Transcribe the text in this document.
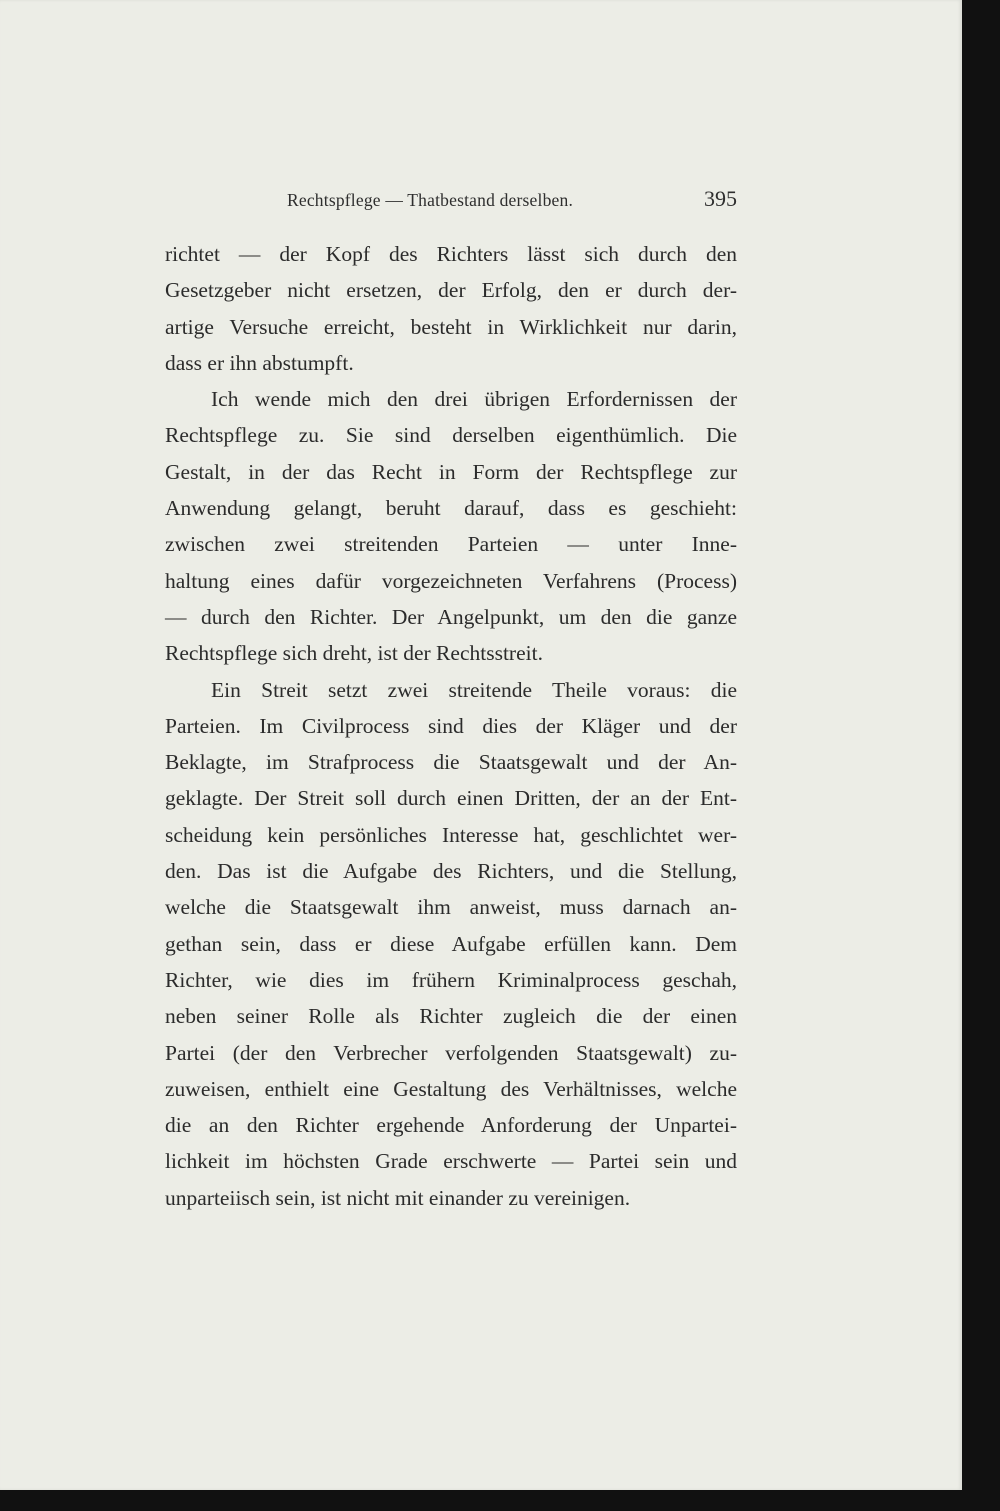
Rechtspflege — Thatbestand derselben.	395
richtet — der Kopf des Richters lässt sich durch den
Gesetzgeber nicht ersetzen, der Erfolg, den er durch der-
artige Versuche erreicht, besteht in Wirklichkeit nur darin,
dass er ihn abstumpft.
Ich wende mich den drei übrigen Erfordernissen der
Rechtspflege zu. Sie sind derselben eigenthümlich. Die
Gestalt, in der das Recht in Form der Rechtspflege zur
Anwendung gelangt, beruht darauf, dass es geschieht:
zwischen zwei streitenden Parteien — unter Inne-
haltung eines dafür vorgezeichneten Verfahrens (Process)
— durch den Richter. Der Angelpunkt, um den die ganze
Rechtspflege sich dreht, ist der Rechtsstreit.
Ein Streit setzt zwei streitende Theile voraus: die
Parteien. Im Civilprocess sind dies der Kläger und der
Beklagte, im Strafprocess die Staatsgewalt und der An-
geklagte. Der Streit soll durch einen Dritten, der an der Ent-
scheidung kein persönliches Interesse hat, geschlichtet wer-
den. Das ist die Aufgabe des Richters, und die Stellung,
welche die Staatsgewalt ihm anweist, muss darnach an-
gethan sein, dass er diese Aufgabe erfüllen kann. Dem
Richter, wie dies im frühern Kriminalprocess geschah,
neben seiner Rolle als Richter zugleich die der einen
Partei (der den Verbrecher verfolgenden Staatsgewalt) zu-
zuweisen, enthielt eine Gestaltung des Verhältnisses, welche
die an den Richter ergehende Anforderung der Unpartei-
lichkeit im höchsten Grade erschwerte — Partei sein und
unparteiisch sein, ist nicht mit einander zu vereinigen.
